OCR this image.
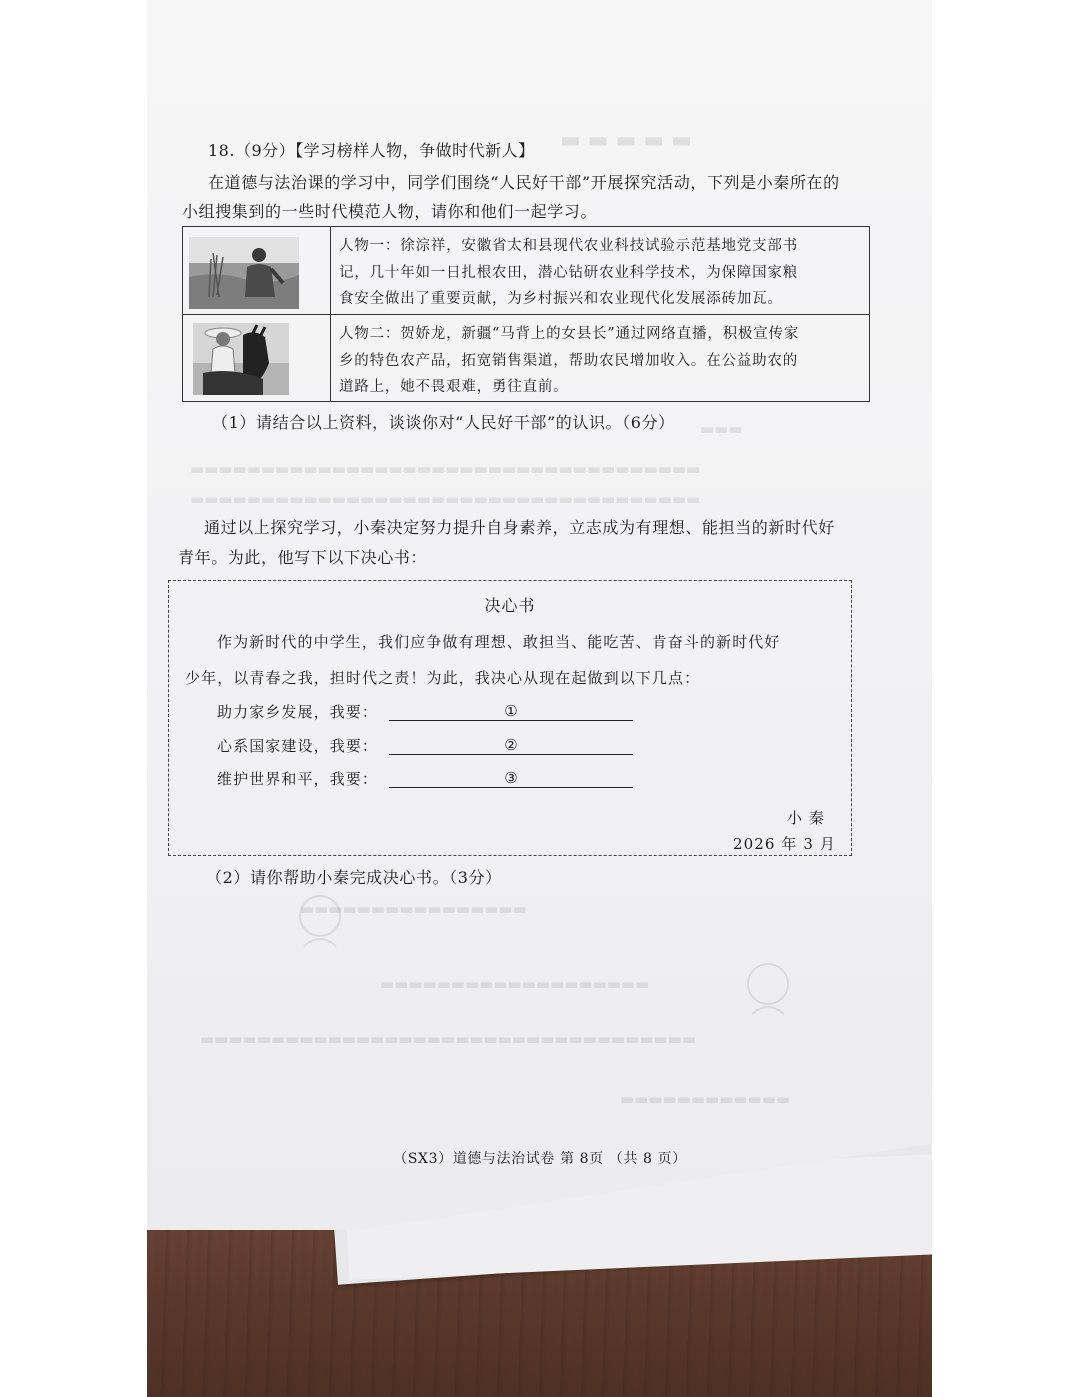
▬ ▬ ▬ ▬ ▬
▬▬▬
▬▬▬▬▬▬▬▬▬▬▬▬▬▬▬▬▬▬▬▬▬▬▬▬▬▬▬▬▬▬▬▬▬▬▬▬
▬▬▬▬▬▬▬▬▬▬▬▬▬▬▬▬▬▬▬▬▬▬▬▬▬▬▬▬▬▬▬▬▬▬▬▬
▬▬▬▬▬▬▬▬▬▬▬▬▬▬▬▬
▬▬▬▬▬▬▬▬▬▬▬▬▬▬▬▬▬▬▬
▬▬▬▬▬▬▬▬▬▬▬▬▬▬▬▬▬▬▬▬▬▬▬▬▬▬▬▬▬▬▬▬▬▬▬
▬▬▬▬▬▬▬▬▬▬▬▬
18.（9分）【学习榜样人物，争做时代新人】
在道德与法治课的学习中，同学们围绕“人民好干部”开展探究活动，下列是小秦所在的
小组搜集到的一些时代模范人物，请你和他们一起学习。
人物一：徐淙祥，安徽省太和县现代农业科技试验示范基地党支部书
记，几十年如一日扎根农田，潜心钻研农业科学技术，为保障国家粮
食安全做出了重要贡献，为乡村振兴和农业现代化发展添砖加瓦。
人物二：贺娇龙，新疆“马背上的女县长”通过网络直播，积极宣传家
乡的特色农产品，拓宽销售渠道，帮助农民增加收入。在公益助农的
道路上，她不畏艰难，勇往直前。
（1）请结合以上资料，谈谈你对“人民好干部”的认识。（6分）
通过以上探究学习，小秦决定努力提升自身素养，立志成为有理想、能担当的新时代好
青年。为此，他写下以下决心书：
决心书
作为新时代的中学生，我们应争做有理想、敢担当、能吃苦、肯奋斗的新时代好
少年，以青春之我，担时代之责！为此，我决心从现在起做到以下几点：
助力家乡发展，我要：	①
心系国家建设，我要：	②
维护世界和平，我要：	③
小 秦
2026 年 3 月
（2）请你帮助小秦完成决心书。（3分）
（SX3）道德与法治试卷 第 8页 （共 8 页）
